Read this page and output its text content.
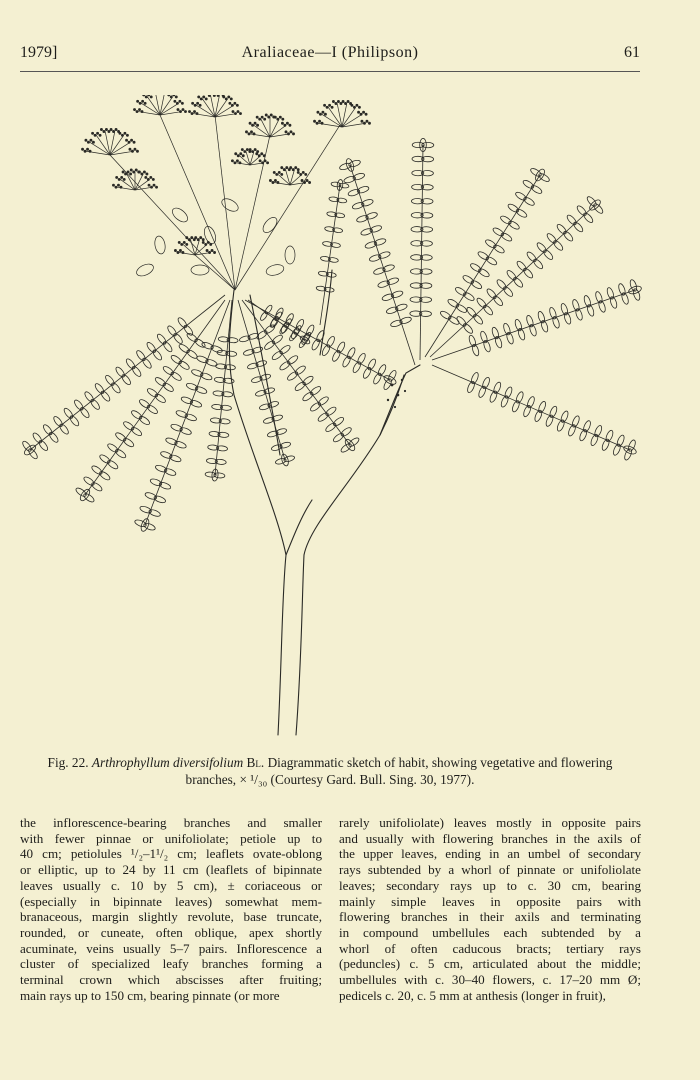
1979]	Araliaceae—I (Philipson)	61
Fig. 22. Arthrophyllum diversifolium Bl. Diagrammatic sketch of habit, showing vegetative and flowering
branches, × ¹/₃₀ (Courtesy Gard. Bull. Sing. 30, 1977).
the inflorescence-bearing branches and smaller
with fewer pinnae or unifoliolate; petiole up to
40 cm; petiolules ¹/₂–1¹/₂ cm; leaflets ovate-oblong
or elliptic, up to 24 by 11 cm (leaflets of bipinnate
leaves usually c. 10 by 5 cm), ± coriaceous or
(especially in bipinnate leaves) somewhat mem-
branaceous, margin slightly revolute, base truncate,
rounded, or cuneate, often oblique, apex shortly
acuminate, veins usually 5–7 pairs. Inflorescence a
cluster of specialized leafy branches forming a
terminal crown which abscisses after fruiting;
main rays up to 150 cm, bearing pinnate (or more
rarely unifoliolate) leaves mostly in opposite pairs
and usually with flowering branches in the axils of
the upper leaves, ending in an umbel of secondary
rays subtended by a whorl of pinnate or unifoliolate
leaves; secondary rays up to c. 30 cm, bearing
mainly simple leaves in opposite pairs with
flowering branches in their axils and terminating
in compound umbellules each subtended by a
whorl of often caducous bracts; tertiary rays
(peduncles) c. 5 cm, articulated about the middle;
umbellules with c. 30–40 flowers, c. 17–20 mm Ø;
pedicels c. 20, c. 5 mm at anthesis (longer in fruit),
